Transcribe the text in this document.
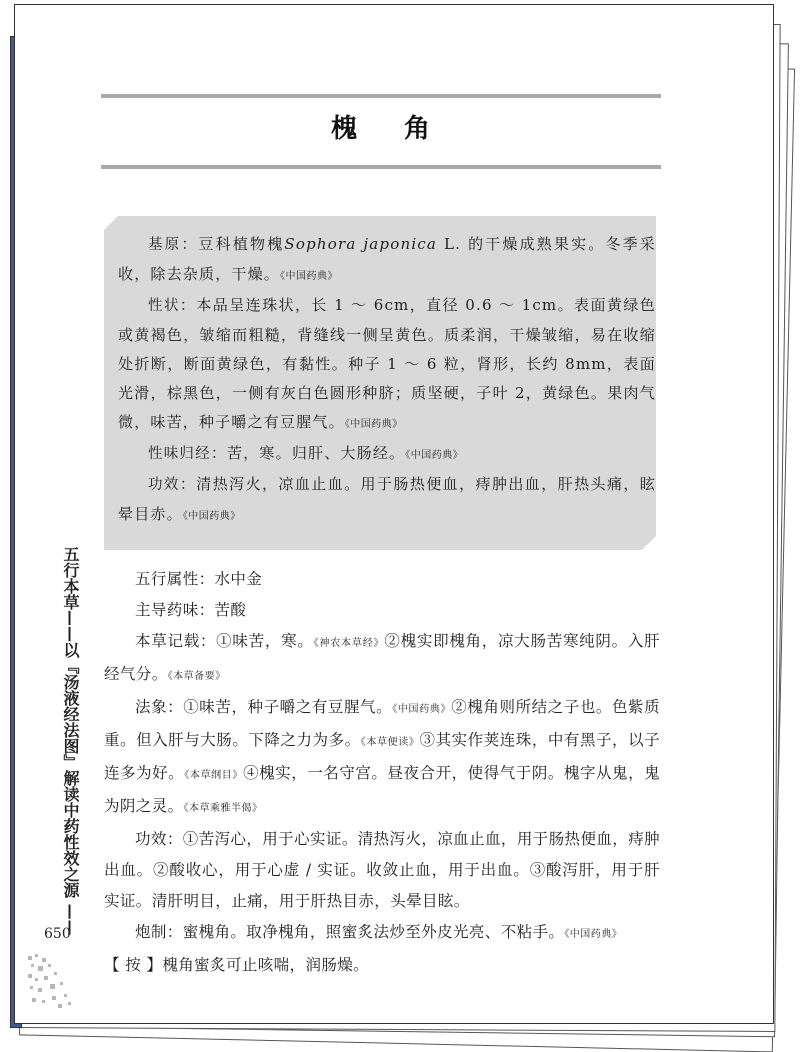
槐 角

基原：豆科植物槐Sophora japonica L. 的干燥成熟果实。冬季采收，除去杂质，干燥。《中国药典》

性状：本品呈连珠状，长 1 ～ 6cm，直径 0.6 ～ 1cm。表面黄绿色或黄褐色，皱缩而粗糙，背缝线一侧呈黄色。质柔润，干燥皱缩，易在收缩处折断，断面黄绿色，有黏性。种子 1 ～ 6 粒，肾形，长约 8mm，表面光滑，棕黑色，一侧有灰白色圆形种脐；质坚硬，子叶 2，黄绿色。果肉气微，味苦，种子嚼之有豆腥气。《中国药典》

性味归经：苦，寒。归肝、大肠经。《中国药典》

功效：清热泻火，凉血止血。用于肠热便血，痔肿出血，肝热头痛，眩晕目赤。《中国药典》

五行属性：水中金

主导药味：苦酸

本草记载：①味苦，寒。《神农本草经》②槐实即槐角，凉大肠苦寒纯阴。入肝经气分。《本草备要》

法象：①味苦，种子嚼之有豆腥气。《中国药典》②槐角则所结之子也。色紫质重。但入肝与大肠。下降之力为多。《本草便读》③其实作荚连珠，中有黑子，以子连多为好。《本草纲目》④槐实，一名守宫。昼夜合开，使得气于阴。槐字从鬼，鬼为阴之灵。《本草乘雅半偈》

功效：①苦泻心，用于心实证。清热泻火，凉血止血，用于肠热便血，痔肿出血。②酸收心，用于心虚 / 实证。收敛止血，用于出血。③酸泻肝，用于肝实证。清肝明目，止痛，用于肝热目赤，头晕目眩。

炮制：蜜槐角。取净槐角，照蜜炙法炒至外皮光亮、不粘手。《中国药典》

【 按 】槐角蜜炙可止咳喘，润肠燥。

五行本草——以『汤液经法图』解读中药性效之源 ——
650
